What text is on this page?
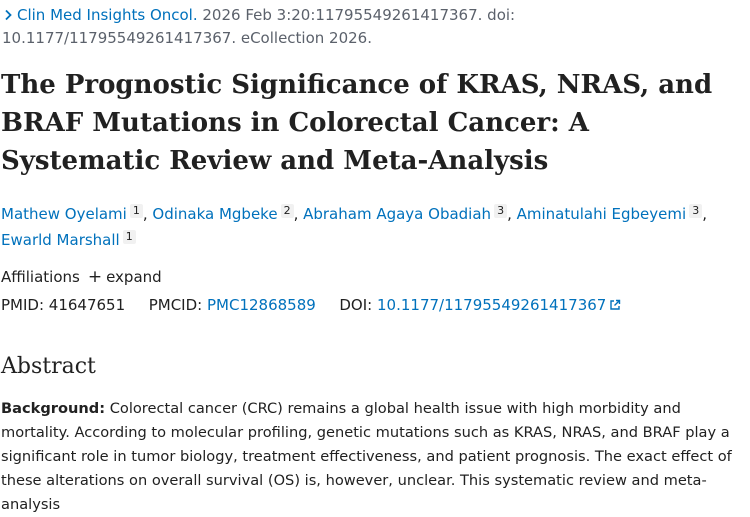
Clin Med Insights Oncol. 2026 Feb 3:20:11795549261417367. doi: 10.1177/11795549261417367. eCollection 2026.
The Prognostic Significance of KRAS, NRAS, and BRAF Mutations in Colorectal Cancer: A Systematic Review and Meta-Analysis
Mathew Oyelami 1 , Odinaka Mgbeke 2 , Abraham Agaya Obadiah 3 , Aminatulahi Egbeyemi 3 ,
Ewarld Marshall 1
Affiliations + expand
PMID: 41647651 PMCID: PMC12868589 DOI: 10.1177/11795549261417367
Abstract

Background: Colorectal cancer (CRC) remains a global health issue with high morbidity and mortality. According to molecular profiling, genetic mutations such as KRAS, NRAS, and BRAF play a significant role in tumor biology, treatment effectiveness, and patient prognosis. The exact effect of these alterations on overall survival (OS) is, however, unclear. This systematic review and meta-analysis
